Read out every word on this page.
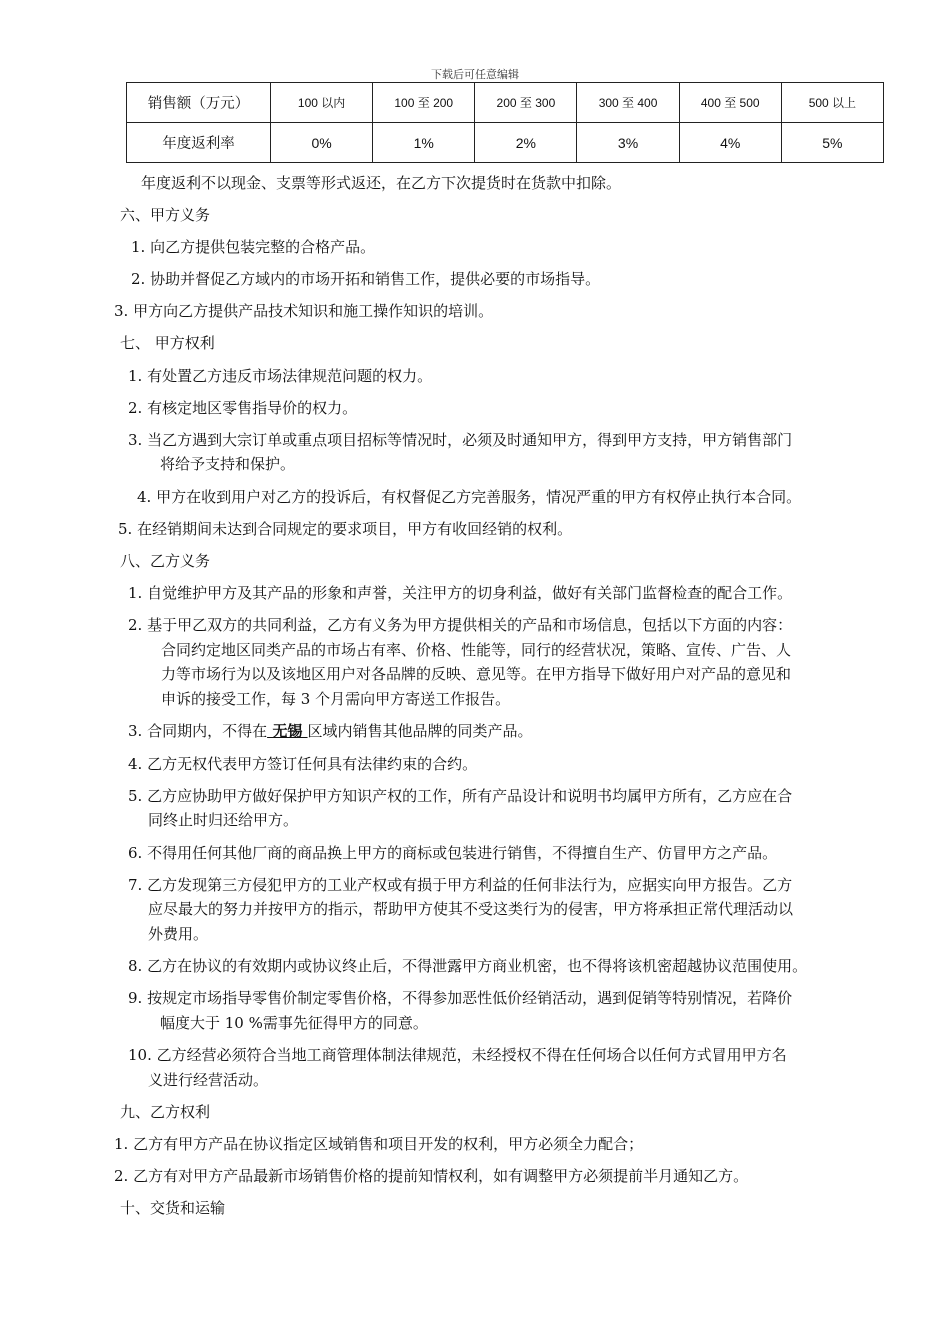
下载后可任意编辑
销售额（万元）	100 以内	100 至 200	200 至 300	300 至 400	400 至 500	500 以上
年度返利率	0%	1%	2%	3%	4%	5%
年度返利不以现金、支票等形式返还，在乙方下次提货时在货款中扣除。
六、甲方义务
1. 向乙方提供包装完整的合格产品。
2. 协助并督促乙方域内的市场开拓和销售工作，提供必要的市场指导。
3. 甲方向乙方提供产品技术知识和施工操作知识的培训。
七、 甲方权利
1. 有处置乙方违反市场法律规范问题的权力。
2. 有核定地区零售指导价的权力。
3. 当乙方遇到大宗订单或重点项目招标等情况时，必须及时通知甲方，得到甲方支持，甲方销售部门
将给予支持和保护。
4. 甲方在收到用户对乙方的投诉后，有权督促乙方完善服务，情况严重的甲方有权停止执行本合同。
5. 在经销期间未达到合同规定的要求项目，甲方有收回经销的权利。
八、乙方义务
1. 自觉维护甲方及其产品的形象和声誉，关注甲方的切身利益，做好有关部门监督检查的配合工作。
2. 基于甲乙双方的共同利益，乙方有义务为甲方提供相关的产品和市场信息，包括以下方面的内容：
合同约定地区同类产品的市场占有率、价格、性能等，同行的经营状况，策略、宣传、广告、人
力等市场行为以及该地区用户对各品牌的反映、意见等。在甲方指导下做好用户对产品的意见和
申诉的接受工作，每 3 个月需向甲方寄送工作报告。
3. 合同期内，不得在 无锡 区域内销售其他品牌的同类产品。
4. 乙方无权代表甲方签订任何具有法律约束的合约。
5. 乙方应协助甲方做好保护甲方知识产权的工作，所有产品设计和说明书均属甲方所有，乙方应在合
同终止时归还给甲方。
6. 不得用任何其他厂商的商品换上甲方的商标或包装进行销售，不得擅自生产、仿冒甲方之产品。
7. 乙方发现第三方侵犯甲方的工业产权或有损于甲方利益的任何非法行为，应据实向甲方报告。乙方
应尽最大的努力并按甲方的指示，帮助甲方使其不受这类行为的侵害，甲方将承担正常代理活动以
外费用。
8. 乙方在协议的有效期内或协议终止后，不得泄露甲方商业机密，也不得将该机密超越协议范围使用。
9. 按规定市场指导零售价制定零售价格，不得参加恶性低价经销活动，遇到促销等特别情况，若降价
幅度大于 10 %需事先征得甲方的同意。
10. 乙方经营必须符合当地工商管理体制法律规范，未经授权不得在任何场合以任何方式冒用甲方名
义进行经营活动。
九、乙方权利
1. 乙方有甲方产品在协议指定区域销售和项目开发的权利，甲方必须全力配合；
2. 乙方有对甲方产品最新市场销售价格的提前知情权利，如有调整甲方必须提前半月通知乙方。
十、交货和运输
